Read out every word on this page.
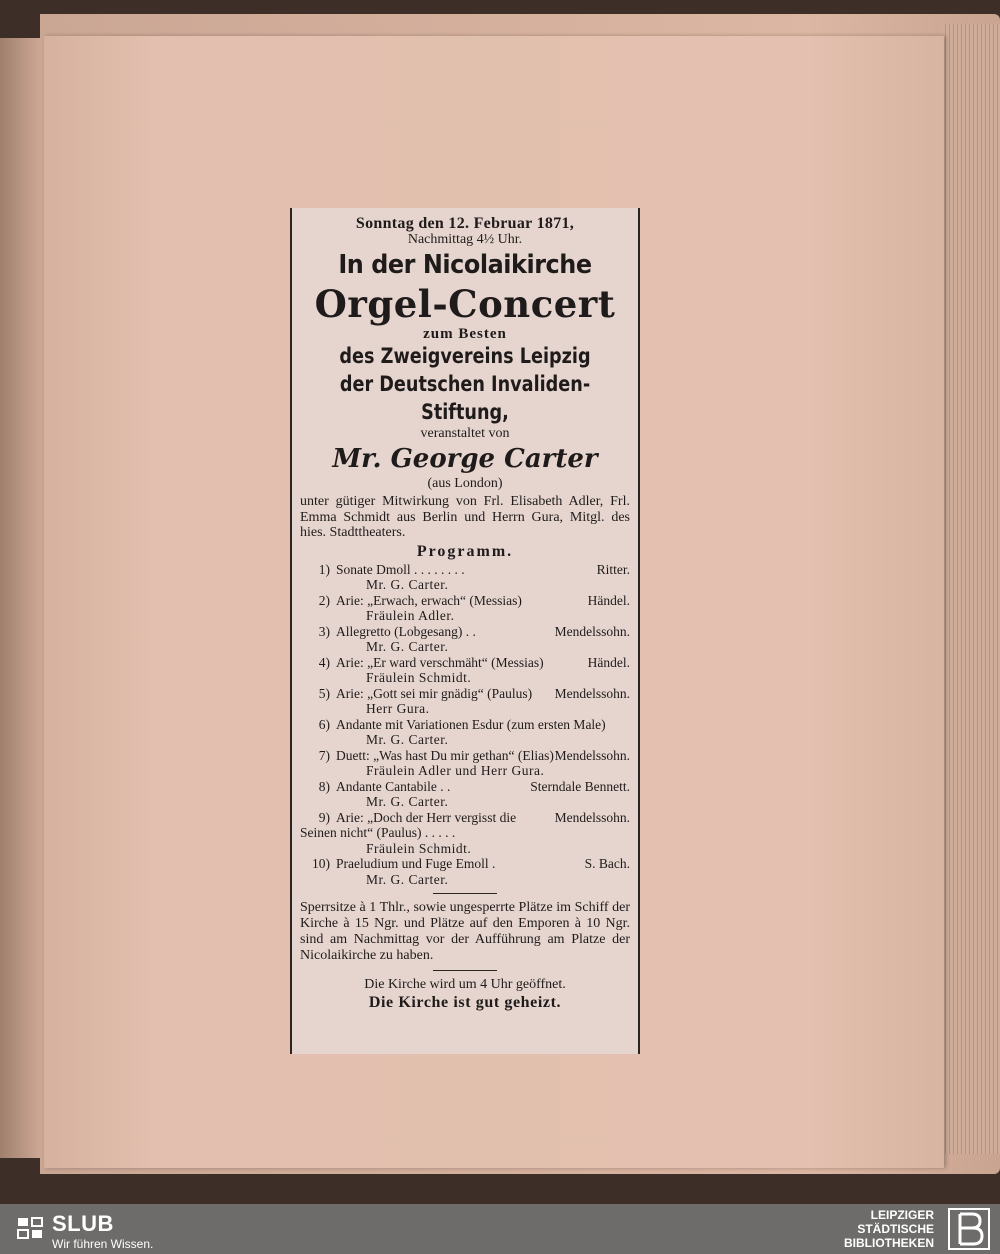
Sonntag den 12. Februar 1871,
Nachmittag 4½ Uhr.
In der Nicolaikirche
Orgel-Concert
zum Besten
des Zweigvereins Leipzig
der Deutschen Invaliden-Stiftung,
veranstaltet von
Mr. George Carter
(aus London)
unter gütiger Mitwirkung von Frl. Elisabeth Adler, Frl. Emma Schmidt aus Berlin und Herrn Gura, Mitgl. des hies. Stadttheaters.
Programm.
1) Sonate Dmoll . . . . . . . .	Ritter.
Mr. G. Carter.
2) Arie: „Erwach, erwach“ (Messias)	Händel.
Fräulein Adler.
3) Allegretto (Lobgesang) . .	Mendelssohn.
Mr. G. Carter.
4) Arie: „Er ward verschmäht“ (Messias)	Händel.
Fräulein Schmidt.
5) Arie: „Gott sei mir gnädig“ (Paulus) Mendelssohn.
Herr Gura.
6) Andante mit Variationen Esdur (zum ersten Male)
Mr. G. Carter.
7) Duett: „Was hast Du mir gethan“ (Elias) Mendelssohn.
Fräulein Adler und Herr Gura.
8) Andante Cantabile . .	Sterndale Bennett.
Mr. G. Carter.
9) Arie: „Doch der Herr vergisst die Seinen nicht“ (Paulus) . . . . .
Mendelssohn.
Fräulein Schmidt.
10) Praeludium und Fuge Emoll .	S. Bach.
Mr. G. Carter.
Sperrsitze à 1 Thlr., sowie ungesperrte Plätze im Schiff der Kirche à 15 Ngr. und Plätze auf den Emporen à 10 Ngr. sind am Nachmittag vor der Aufführung am Platze der Nicolaikirche zu haben.
Die Kirche wird um 4 Uhr geöffnet.
Die Kirche ist gut geheizt.
SLUB
Wir führen Wissen.
LEIPZIGER
STÄDTISCHE
BIBLIOTHEKEN
